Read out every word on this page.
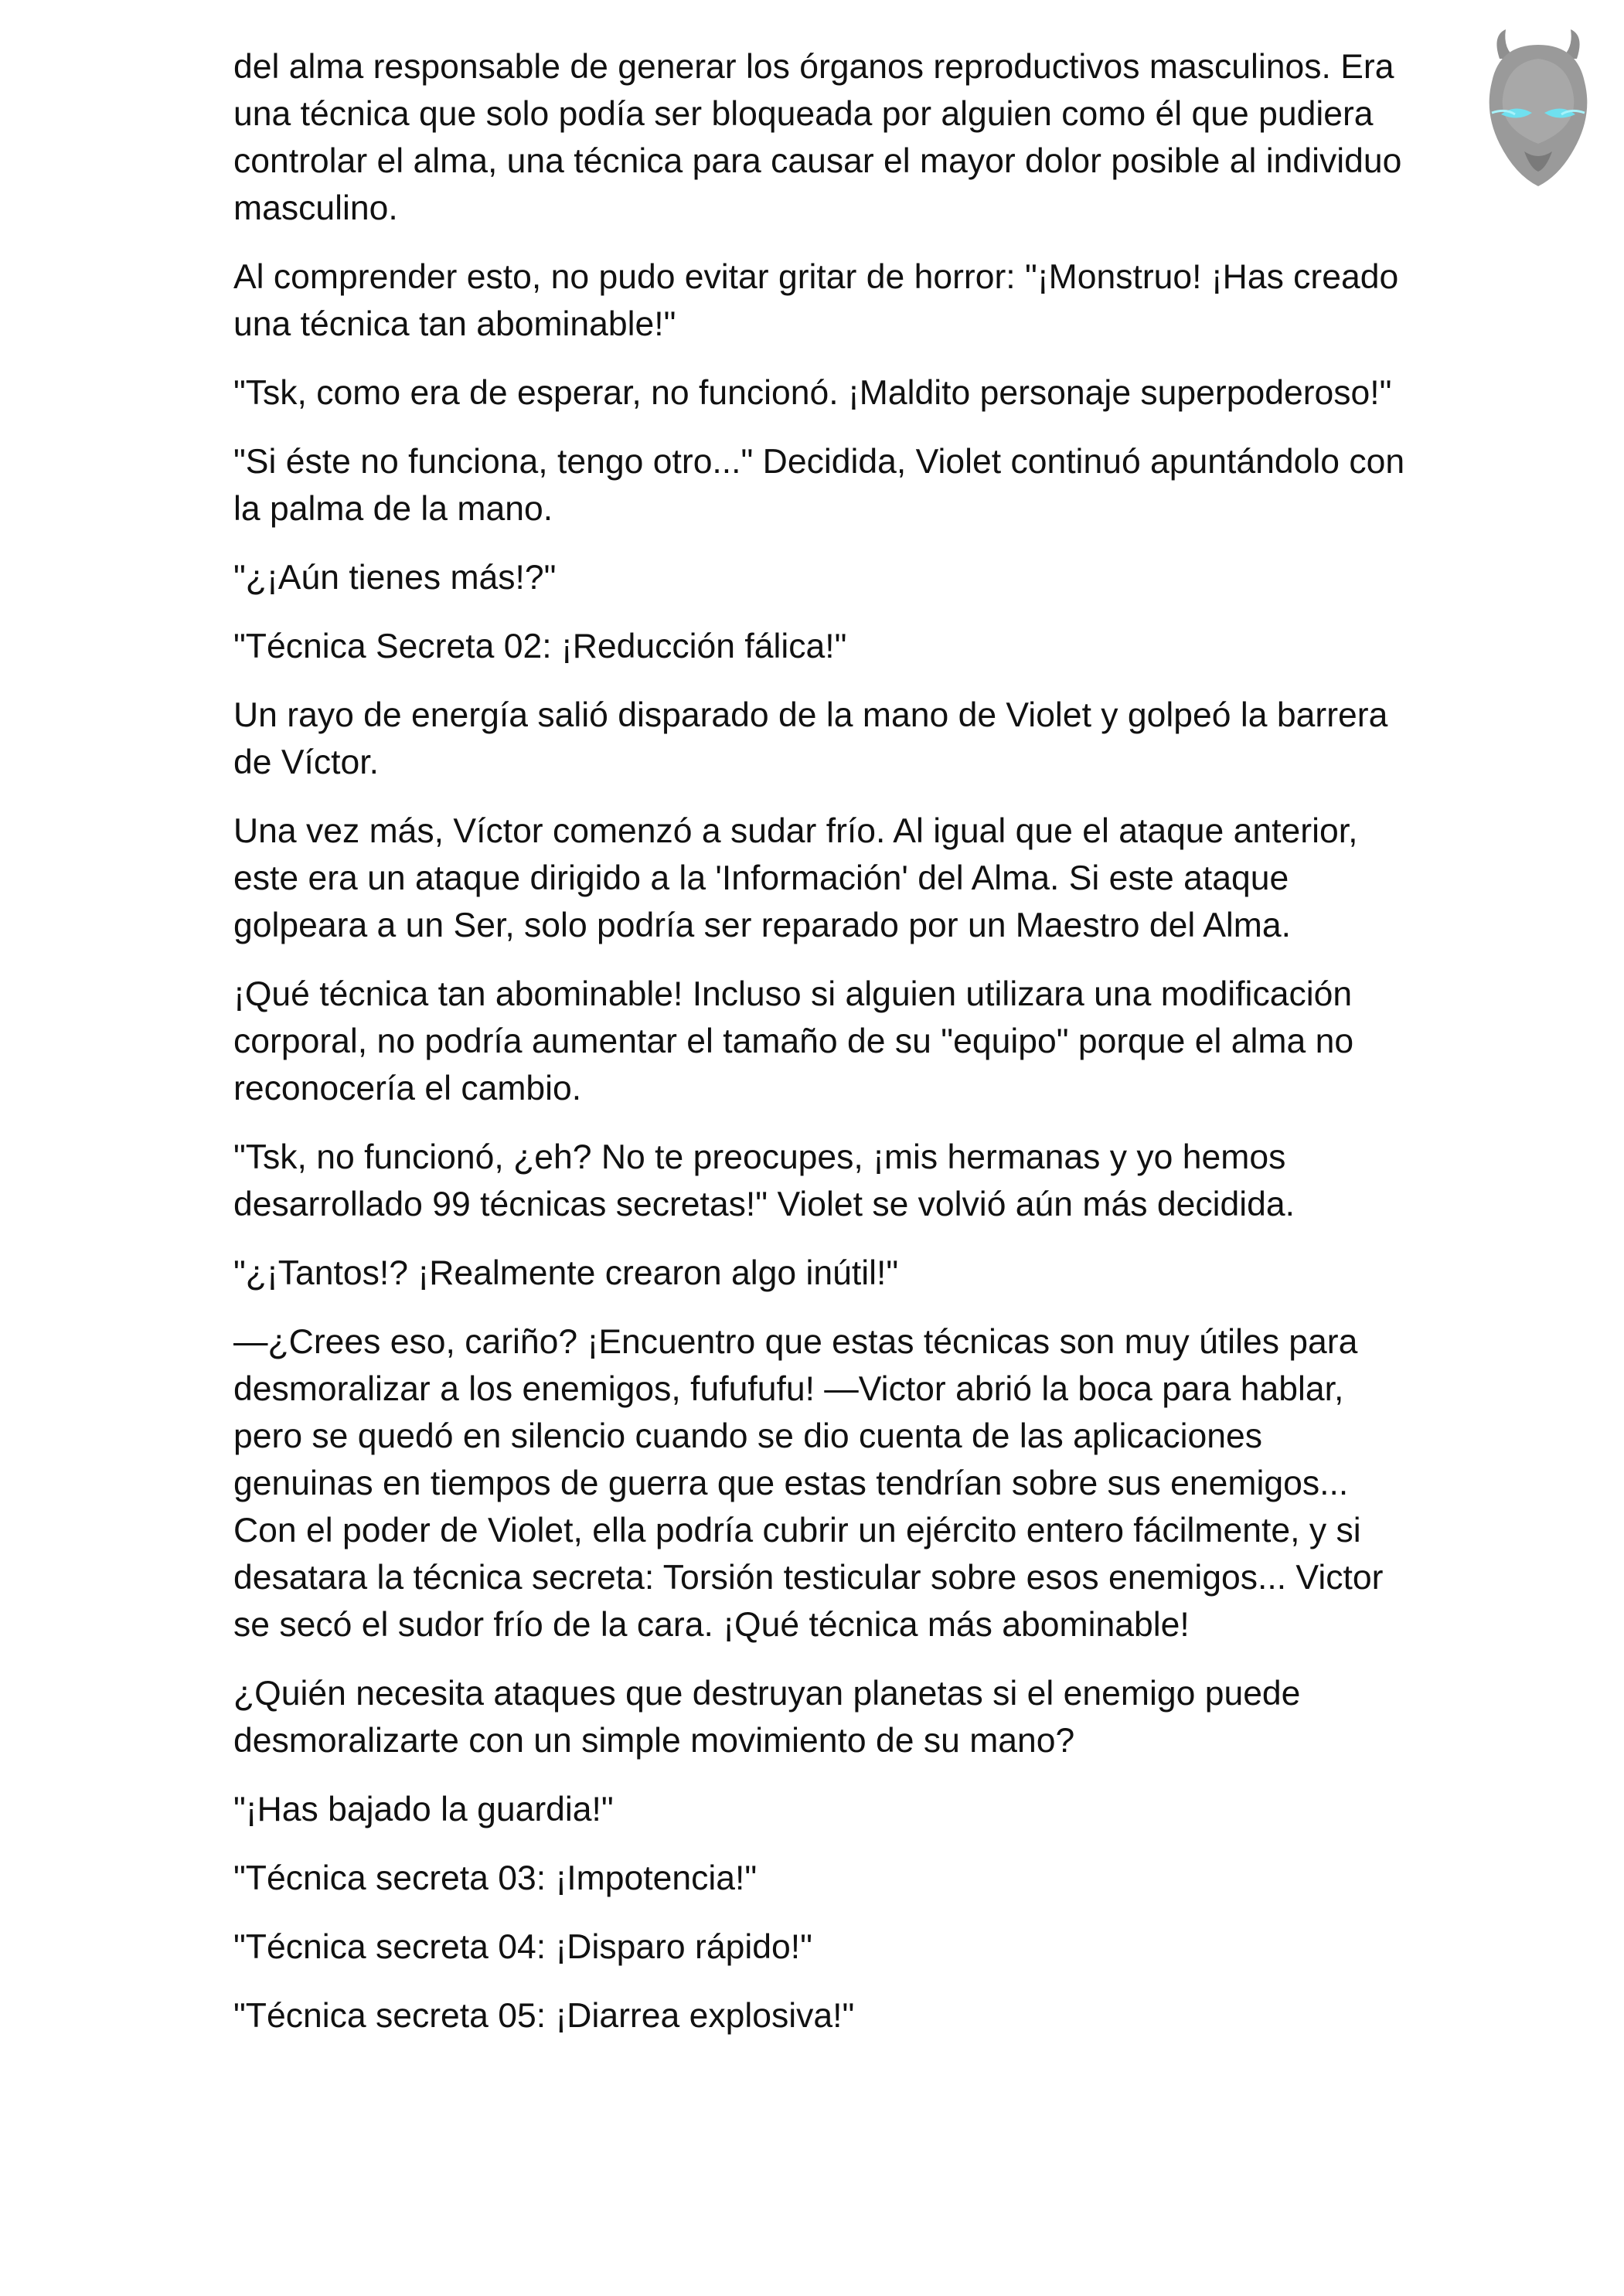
del alma responsable de generar los órganos reproductivos masculinos. Era una técnica que solo podía ser bloqueada por alguien como él que pudiera controlar el alma, una técnica para causar el mayor dolor posible al individuo masculino.

Al comprender esto, no pudo evitar gritar de horror: "¡Monstruo! ¡Has creado una técnica tan abominable!"

"Tsk, como era de esperar, no funcionó. ¡Maldito personaje superpoderoso!"

"Si éste no funciona, tengo otro..." Decidida, Violet continuó apuntándolo con la palma de la mano.

"¿¡Aún tienes más!?"

"Técnica Secreta 02: ¡Reducción fálica!"

Un rayo de energía salió disparado de la mano de Violet y golpeó la barrera de Víctor.

Una vez más, Víctor comenzó a sudar frío. Al igual que el ataque anterior, este era un ataque dirigido a la 'Información' del Alma. Si este ataque golpeara a un Ser, solo podría ser reparado por un Maestro del Alma.

¡Qué técnica tan abominable! Incluso si alguien utilizara una modificación corporal, no podría aumentar el tamaño de su "equipo" porque el alma no reconocería el cambio.

"Tsk, no funcionó, ¿eh? No te preocupes, ¡mis hermanas y yo hemos desarrollado 99 técnicas secretas!" Violet se volvió aún más decidida.

"¿¡Tantos!? ¡Realmente crearon algo inútil!"

—¿Crees eso, cariño? ¡Encuentro que estas técnicas son muy útiles para desmoralizar a los enemigos, fufufufu! —Victor abrió la boca para hablar, pero se quedó en silencio cuando se dio cuenta de las aplicaciones genuinas en tiempos de guerra que estas tendrían sobre sus enemigos... Con el poder de Violet, ella podría cubrir un ejército entero fácilmente, y si desatara la técnica secreta: Torsión testicular sobre esos enemigos... Victor se secó el sudor frío de la cara. ¡Qué técnica más abominable!

¿Quién necesita ataques que destruyan planetas si el enemigo puede desmoralizarte con un simple movimiento de su mano?

"¡Has bajado la guardia!"

"Técnica secreta 03: ¡Impotencia!"

"Técnica secreta 04: ¡Disparo rápido!"

"Técnica secreta 05: ¡Diarrea explosiva!"
